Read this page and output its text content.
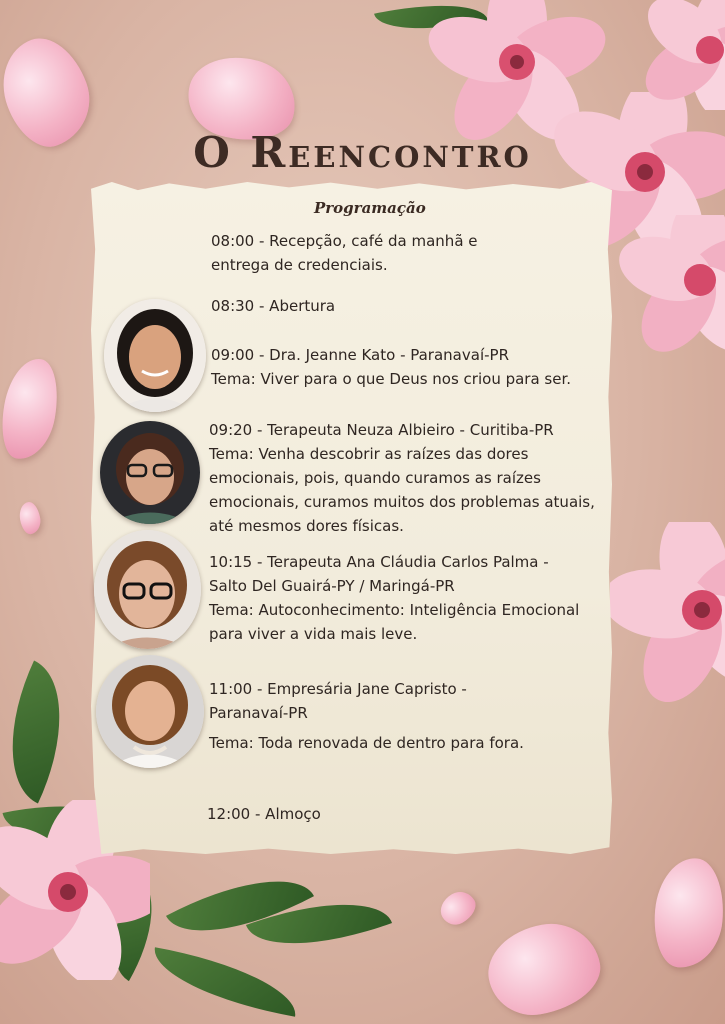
O Reencontro

Programação

08:00 - Recepção, café da manhã e
entrega de credenciais.

08:30 - Abertura

09:00 - Dra. Jeanne Kato - Paranavaí-PR
Tema: Viver para o que Deus nos criou para ser.

09:20 - Terapeuta Neuza Albieiro - Curitiba-PR
Tema: Venha descobrir as raízes das dores
emocionais, pois, quando curamos as raízes
emocionais, curamos muitos dos problemas atuais,
até mesmos dores físicas.

10:15 - Terapeuta Ana Cláudia Carlos Palma -
Salto Del Guairá-PY / Maringá-PR
Tema: Autoconhecimento: Inteligência Emocional
para viver a vida mais leve.

11:00 - Empresária Jane Capristo -
Paranavaí-PR
Tema: Toda renovada de dentro para fora.

12:00 - Almoço
